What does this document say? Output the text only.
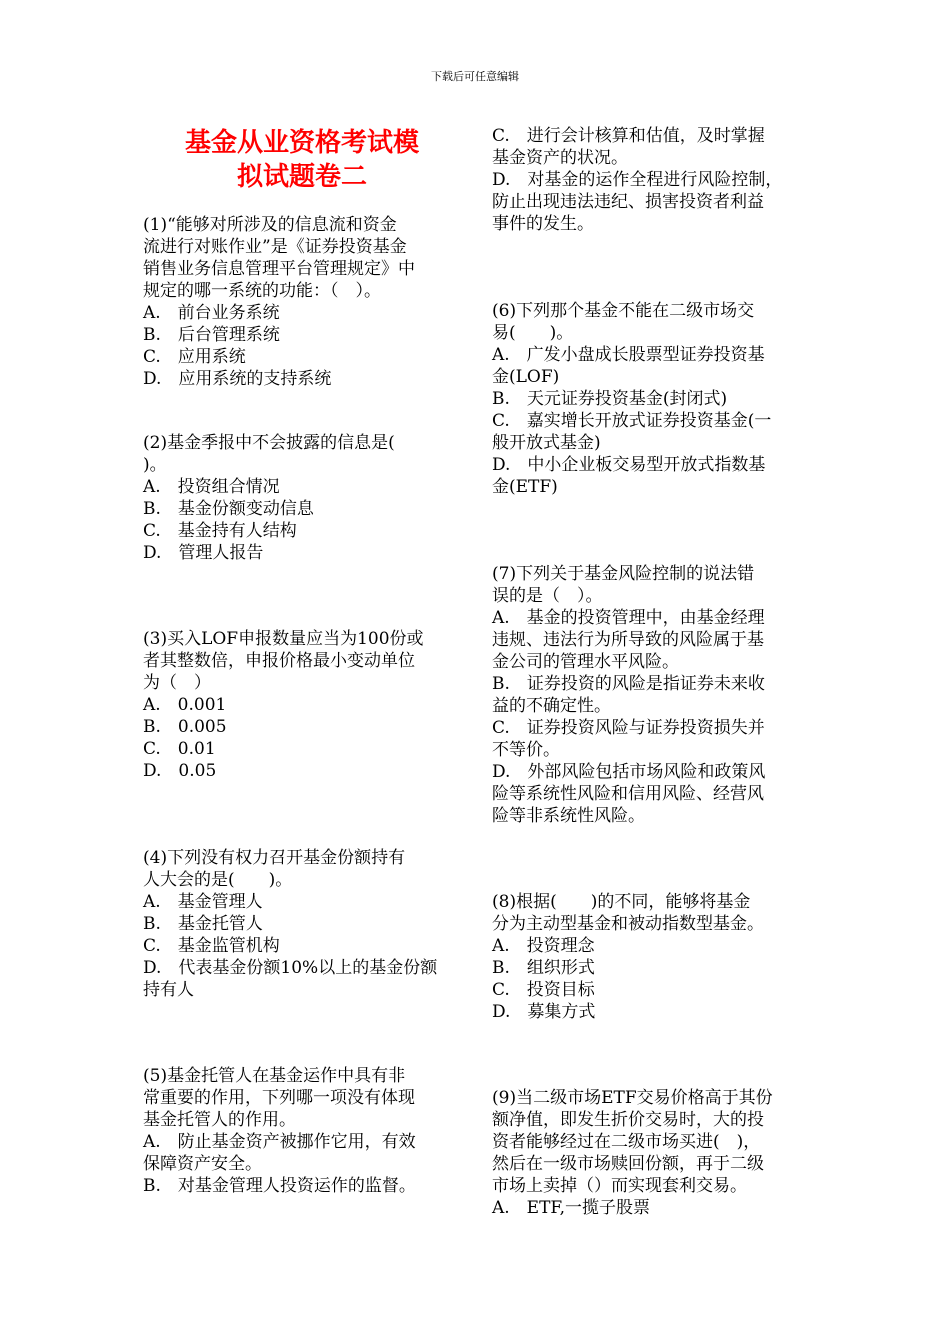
下载后可任意编辑
基金从业资格考试模
拟试题卷二

(1)“能够对所涉及的信息流和资金

流进行对账作业”是《证券投资基金

销售业务信息管理平台管理规定》中

规定的哪一系统的功能：（　）。

A.　前台业务系统

B.　后台管理系统

C.　应用系统

D.　应用系统的支持系统

(2)基金季报中不会披露的信息是(

)。

A.　投资组合情况

B.　基金份额变动信息

C.　基金持有人结构

D.　管理人报告

(3)买入LOF申报数量应当为100份或

者其整数倍，申报价格最小变动单位

为（　）

A.　0.001

B.　0.005

C.　0.01

D.　0.05

(4)下列没有权力召开基金份额持有

人大会的是(　　)。

A.　基金管理人

B.　基金托管人

C.　基金监管机构

D.　代表基金份额10%以上的基金份额

持有人

(5)基金托管人在基金运作中具有非

常重要的作用，下列哪一项没有体现

基金托管人的作用。

A.　防止基金资产被挪作它用，有效

保障资产安全。

B.　对基金管理人投资运作的监督。

C.　进行会计核算和估值，及时掌握

基金资产的状况。

D.　对基金的运作全程进行风险控制，

防止出现违法违纪、损害投资者利益

事件的发生。

(6)下列那个基金不能在二级市场交

易(　　)。

A.　广发小盘成长股票型证券投资基

金(LOF)

B.　天元证券投资基金(封闭式)

C.　嘉实增长开放式证券投资基金(一

般开放式基金)

D.　中小企业板交易型开放式指数基

金(ETF)

(7)下列关于基金风险控制的说法错

误的是（　）。

A.　基金的投资管理中，由基金经理

违规、违法行为所导致的风险属于基

金公司的管理水平风险。

B.　证券投资的风险是指证券未来收

益的不确定性。

C.　证券投资风险与证券投资损失并

不等价。

D.　外部风险包括市场风险和政策风

险等系统性风险和信用风险、经营风

险等非系统性风险。

(8)根据(　　)的不同，能够将基金

分为主动型基金和被动指数型基金。

A.　投资理念

B.　组织形式

C.　投资目标

D.　募集方式

(9)当二级市场ETF交易价格高于其份

额净值，即发生折价交易时，大的投

资者能够经过在二级市场买进(　)，

然后在一级市场赎回份额，再于二级

市场上卖掉（）而实现套利交易。

A.　ETF,一揽子股票
